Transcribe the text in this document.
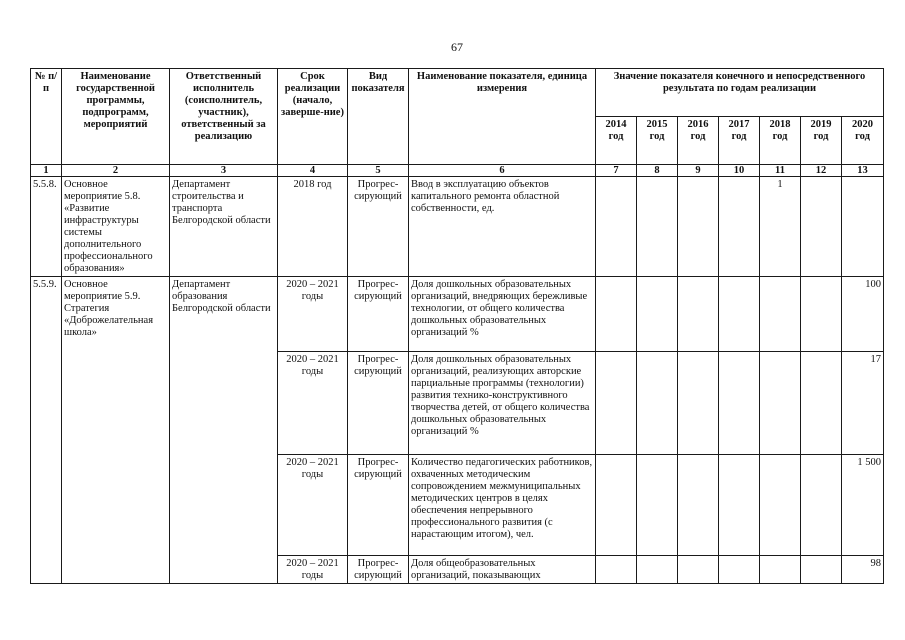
67
№ п/п	Наименование государственной программы, подпрограмм, мероприятий	Ответственный исполнитель (соисполнитель, участник), ответственный за реализацию	Срок реализации (начало, заверше-ние)	Вид показателя	Наименование показателя, единица измерения	Значение показателя конечного и непосредственного результата по годам реализации						
						2014 год	2015 год	2016 год	2017 год	2018 год	2019 год	2020 год
1	2	3	4	5	6	7	8	9	10	11	12	13
5.5.8.	Основное мероприятие 5.8. «Развитие инфраструктуры системы дополнительного профессионального образования»	Департамент строительства и транспорта Белгородской области	2018 год	Прогрес-сирующий	Ввод в эксплуатацию объектов капитального ремонта областной собственности, ед.					1		
5.5.9.	Основное мероприятие 5.9. Стратегия «Доброжелательная школа»	Департамент образования Белгородской области	2020 – 2021 годы	Прогрес-сирующий	Доля дошкольных образовательных организаций, внедряющих бережливые технологии, от общего количества дошкольных образовательных организаций %							100
			2020 – 2021 годы	Прогрес-сирующий	Доля дошкольных образовательных организаций, реализующих авторские парциальные программы (технологии) развития технико-конструктивного творчества детей, от общего количества дошкольных образовательных организаций %							17
			2020 – 2021 годы	Прогрес-сирующий	Количество педагогических работников, охваченных методическим сопровождением межмуниципальных методических центров в целях обеспечения непрерывного профессионального развития (с нарастающим итогом), чел.							1 500
			2020 – 2021 годы	Прогрес-сирующий	Доля общеобразовательных организаций, показывающих							98
